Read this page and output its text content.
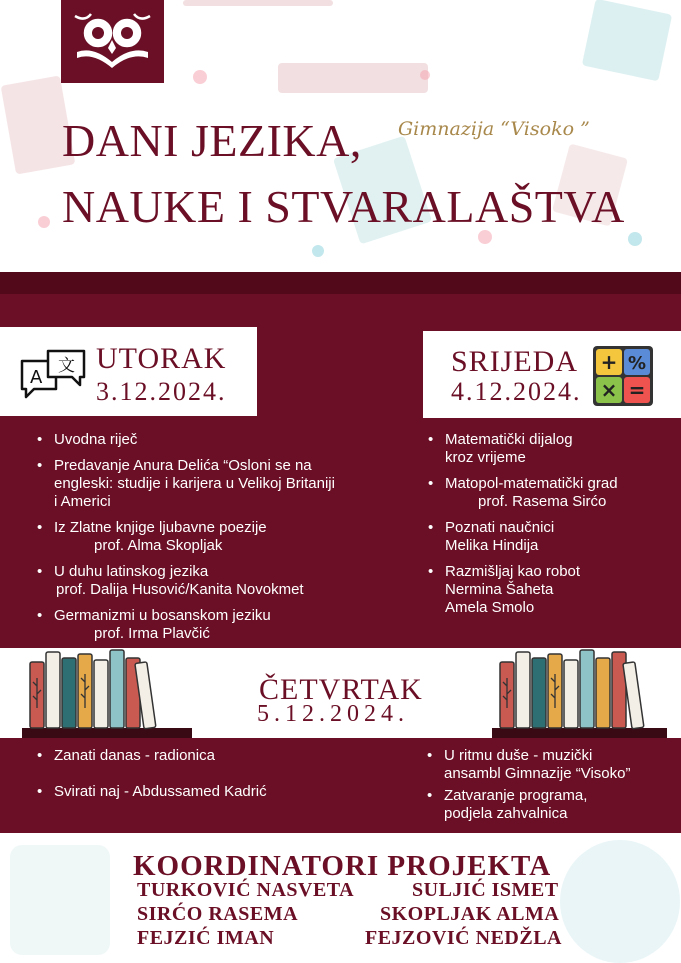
DANI JEZIKA,
NAUKE I STVARALAŠTVA
Gimnazija “Visoko ”
A
文 UTORAK
3.12.2024.
• Uvodna riječ
• Predavanje Anura Delića “Osloni se na engleski: studije i karijera u Velikoj Britaniji i Americi
• Iz Zlatne knjige ljubavne poezije
prof. Alma Skopljak
• U duhu latinskog jezika
prof. Dalija Husović/Kanita Novokmet
• Germanizmi u bosanskom jeziku
prof. Irma Plavčić
SRIJEDA
4.12.2024.
+ %
× =
• Matematički dijalog
kroz vrijeme
• Matopol-matematički grad
prof. Rasema Sirćo
• Poznati naučnici
Melika Hindija
• Razmišljaj kao robot
Nermina Šaheta
Amela Smolo
ČETVRTAK
5.12.2024.
• Zanati danas - radionica
• Svirati naj - Abdussamed Kadrić
• U ritmu duše - muzički
ansambl Gimnazije “Visoko”
• Zatvaranje programa,
podjela zahvalnica
KOORDINATORI PROJEKTA
TURKOVIĆ NASVETA
SIRĆO RASEMA
FEJZIĆ IMAN
SULJIĆ ISMET
SKOPLJAK ALMA
FEJZOVIĆ NEDŽLA
